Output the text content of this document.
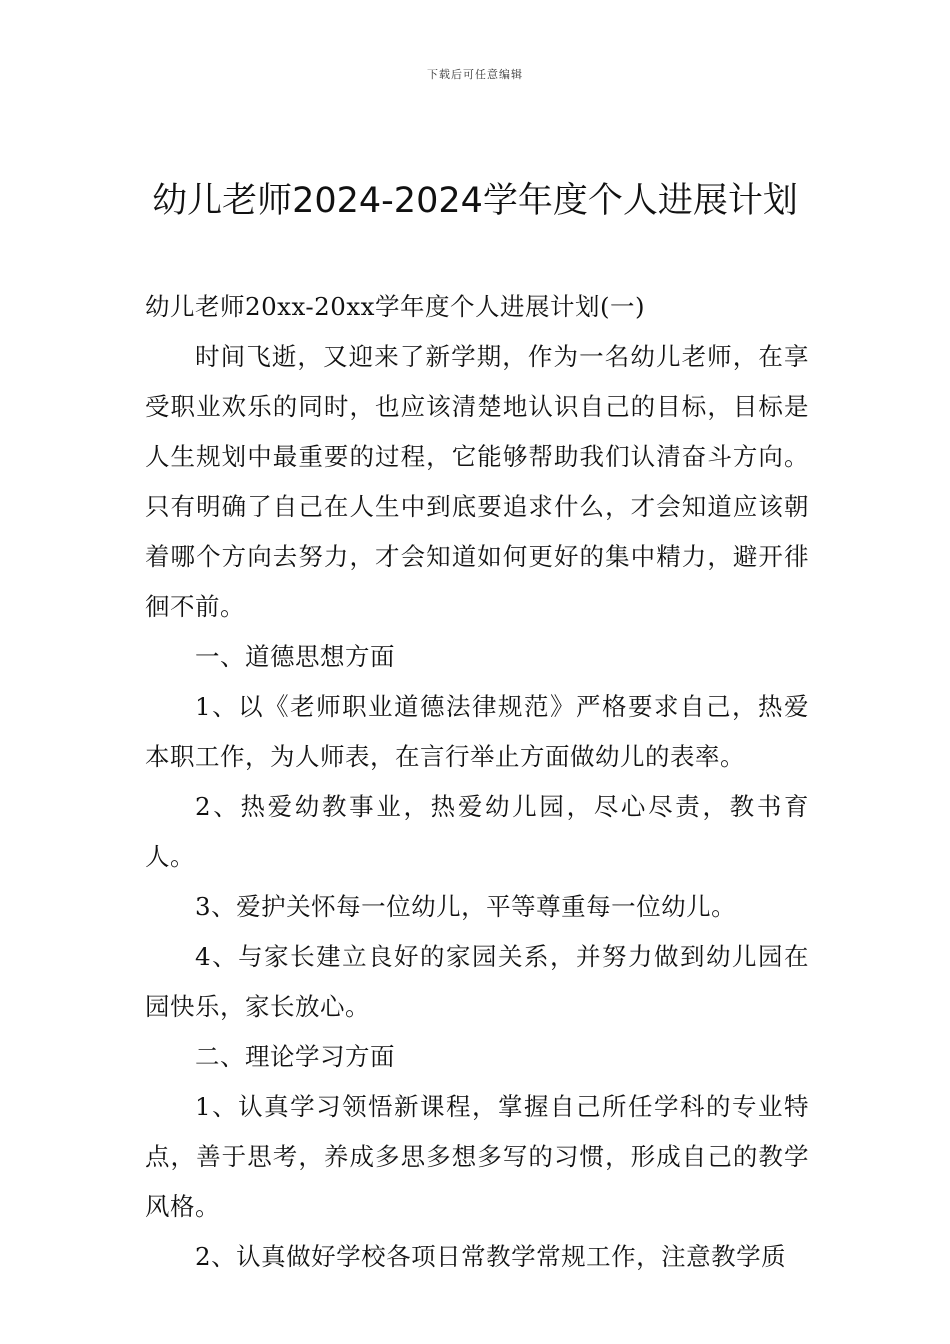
下载后可任意编辑
幼儿老师2024-2024学年度个人进展计划

幼儿老师20xx-20xx学年度个人进展计划(一)

时间飞逝，又迎来了新学期，作为一名幼儿老师，在享受职业欢乐的同时，也应该清楚地认识自己的目标，目标是人生规划中最重要的过程，它能够帮助我们认清奋斗方向。只有明确了自己在人生中到底要追求什么，才会知道应该朝着哪个方向去努力，才会知道如何更好的集中精力，避开徘徊不前。

一、道德思想方面

1、以《老师职业道德法律规范》严格要求自己，热爱本职工作，为人师表，在言行举止方面做幼儿的表率。

2、热爱幼教事业，热爱幼儿园，尽心尽责，教书育人。

3、爱护关怀每一位幼儿，平等尊重每一位幼儿。

4、与家长建立良好的家园关系，并努力做到幼儿园在园快乐，家长放心。

二、理论学习方面

1、认真学习领悟新课程，掌握自己所任学科的专业特点，善于思考，养成多思多想多写的习惯，形成自己的教学风格。

2、认真做好学校各项日常教学常规工作，注意教学质
